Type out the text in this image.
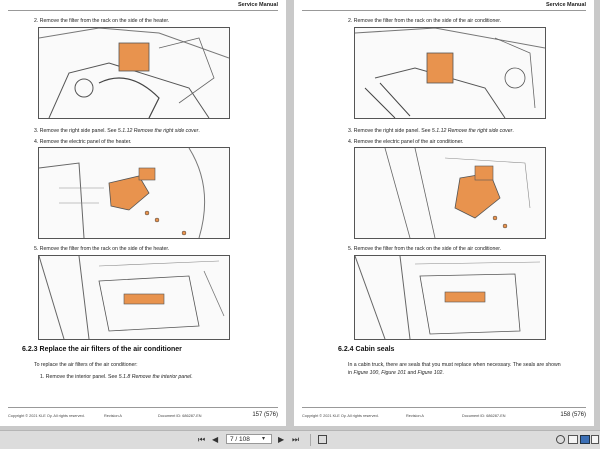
Service Manual
2. Remove the filter from the rack on the side of the heater.
3. Remove the right side panel. See 5.1.12 Remove the right side cover.
4. Remove the electric panel of the heater.
5. Remove the filter from the rack on the side of the heater.
6.2.3 Replace the air filters of the air conditioner
To replace the air filters of the air conditioner:
1. Remove the interior panel. See 5.1.8 Remove the interior panel.
Copyright © 2021 KLE Oy. All rights reserved.	Revision A	Document ID: 686287-EN	157 (576)
Service Manual
2. Remove the filter from the rack on the side of the air conditioner.
3. Remove the right side panel. See 5.1.12 Remove the right side cover.
4. Remove the electric panel of the air conditioner.
5. Remove the filter from the rack on the side of the air conditioner.
6.2.4 Cabin seals
In a cabin truck, there are seals that you must replace when necessary. The seals are shown
in Figure 100, Figure 101 and Figure 102.
Copyright © 2021 KLE Oy. All rights reserved.	Revision A	Document ID: 686287-EN	158 (576)
⏮ ◀	7 / 108	▾ ▶ ⏭
